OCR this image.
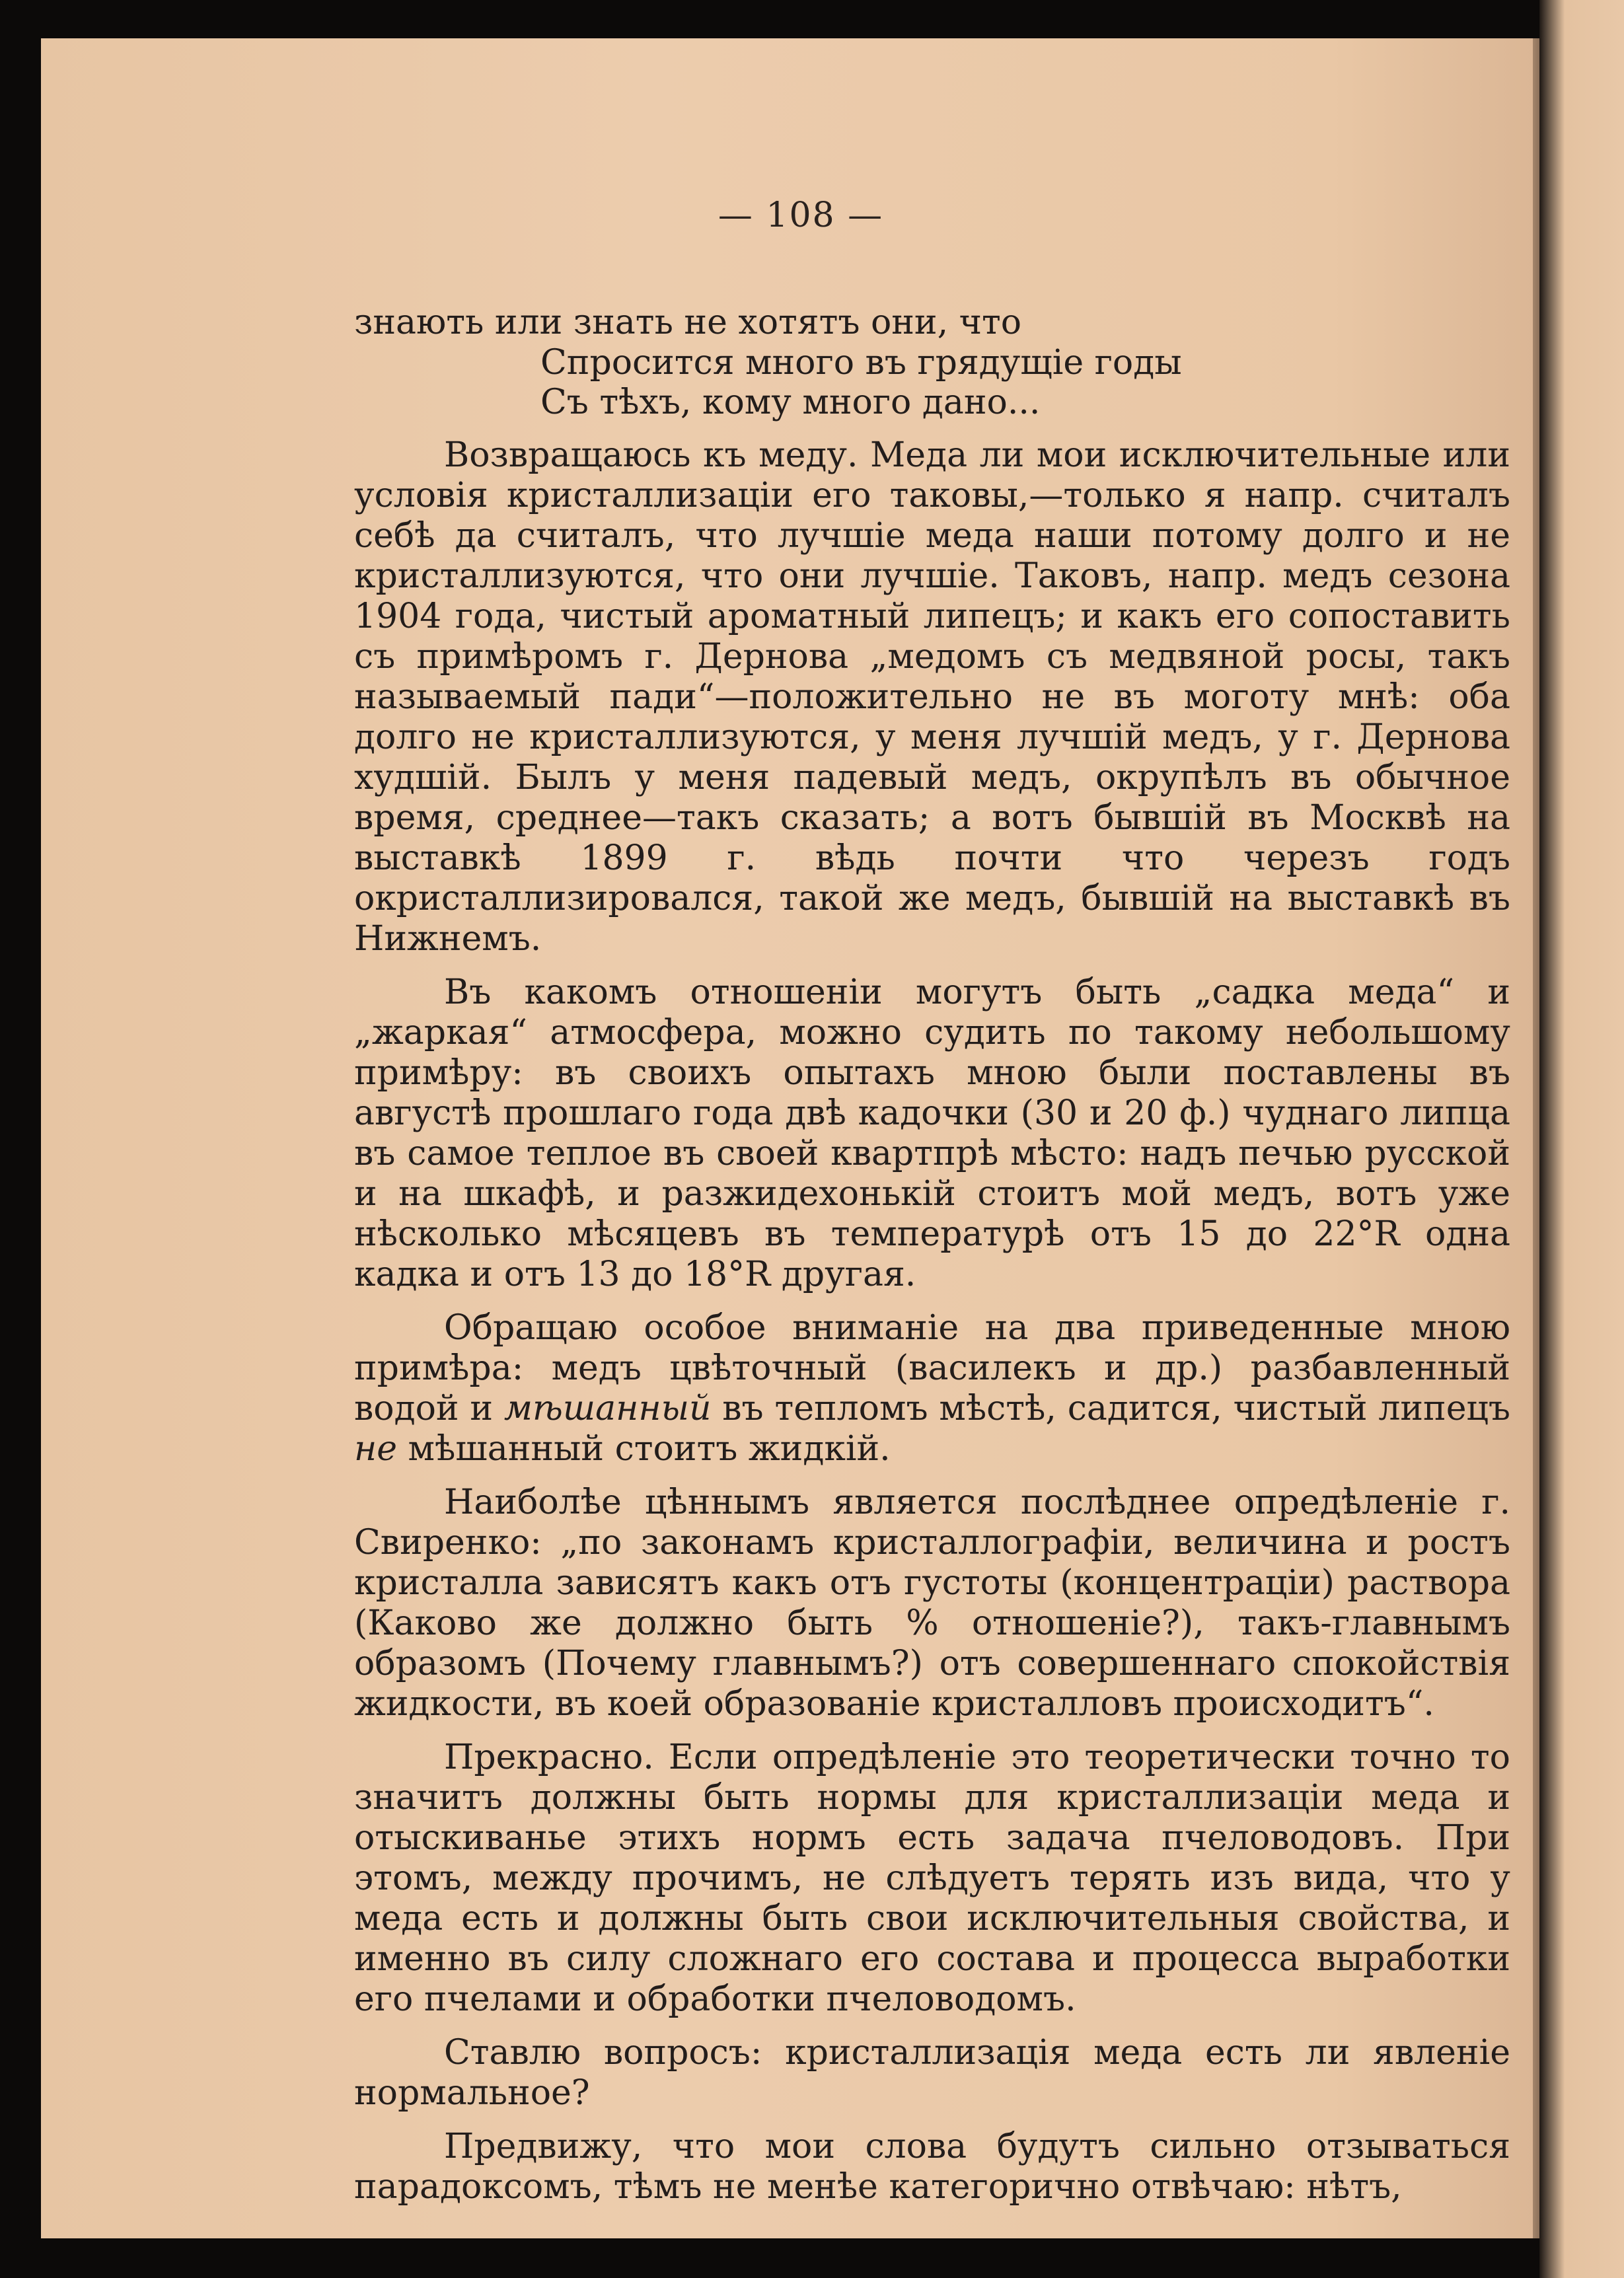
— 108 —

знають или знать не хотятъ они, что

Спросится много въ грядущіе годы
Съ тѣхъ, кому много дано...

Возвращаюсь къ меду. Меда ли мои исключительные или условія кристаллизаціи его таковы,—только я напр. считалъ себѣ да считалъ, что лучшіе меда наши потому долго и не кристаллизуются, что они лучшіе. Таковъ, напр. медъ сезона 1904 года, чистый ароматный липецъ; и какъ его сопоставить съ примѣромъ г. Дернова „медомъ съ медвяной росы, такъ называемый пади“—положительно не въ моготу мнѣ: оба долго не кристаллизуются, у меня лучшій медъ, у г. Дернова худшій. Былъ у меня падевый медъ, окрупѣлъ въ обычное время, среднее—такъ сказать; а вотъ бывшій въ Москвѣ на выставкѣ 1899 г. вѣдь почти что черезъ годъ окристаллизировался, такой же медъ, бывшій на выставкѣ въ Нижнемъ.

Въ какомъ отношеніи могутъ быть „садка меда“ и „жаркая“ атмосфера, можно судить по такому небольшому примѣру: въ своихъ опытахъ мною были поставлены въ августѣ прошлаго года двѣ кадочки (30 и 20 ф.) чуднаго липца въ самое теплое въ своей квартпрѣ мѣсто: надъ печью русской и на шкафѣ, и разжидехонькій стоитъ мой медъ, вотъ уже нѣсколько мѣсяцевъ въ температурѣ отъ 15 до 22°R одна кадка и отъ 13 до 18°R другая.

Обращаю особое вниманіе на два приведенные мною примѣра: медъ цвѣточный (василекъ и др.) разбавленный водой и мѣшанный въ тепломъ мѣстѣ, садится, чистый липецъ не мѣшанный стоитъ жидкій.

Наиболѣе цѣннымъ является послѣднее опредѣленіе г. Свиренко: „по законамъ кристаллографіи, величина и ростъ кристалла зависятъ какъ отъ густоты (концентраціи) раствора (Каково же должно быть % отношеніе?), такъ-главнымъ образомъ (Почему главнымъ?) отъ совершеннаго спокойствія жидкости, въ коей образованіе кристалловъ происходитъ“.

Прекрасно. Если опредѣленіе это теоретически точно то значитъ должны быть нормы для кристаллизаціи меда и отыскиванье этихъ нормъ есть задача пчеловодовъ. При этомъ, между прочимъ, не слѣдуетъ терять изъ вида, что у меда есть и должны быть свои исключительныя свойства, и именно въ силу сложнаго его состава и процесса выработки его пчелами и обработки пчеловодомъ.

Ставлю вопросъ: кристаллизація меда есть ли явленіе нормальное?

Предвижу, что мои слова будутъ сильно отзываться парадоксомъ, тѣмъ не менѣе категорично отвѣчаю: нѣтъ,
